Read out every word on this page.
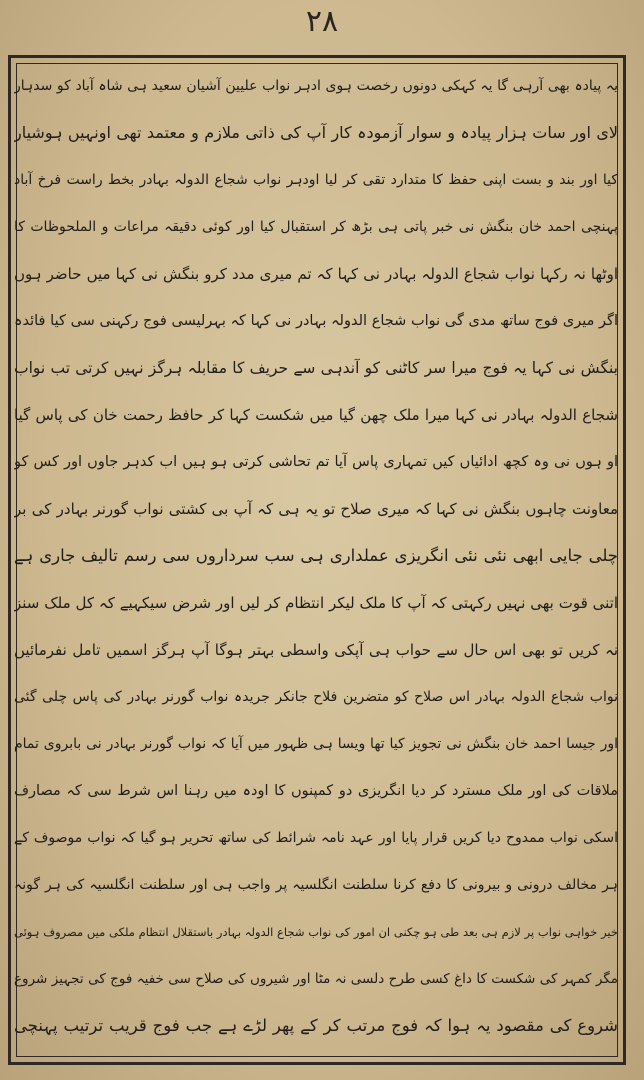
۲۸
یہ پیادہ بھی آرہی گا یہ کہکی دونوں رخصت ہوی ادہر نواب علیین آشیان سعید ہی شاہ آباد کو سدہار
لای اور سات ہزار پیادہ و سوار آزمودہ کار آپ کی ذاتی ملازم و معتمد تھی اونہیں ہوشیار
کیا اور بند و بست اپنی حفظ کا متدارد تقی کر لیا اودہر نواب شجاع الدولہ بہادر بخط راست فرخ آباد
پہنچی احمد خان بنگش نی خبر پاتی ہی بڑھ کر استقبال کیا اور کوئی دقیقہ مراعات و الملحوظات کا
اوٹھا نہ رکہا نواب شجاع الدولہ بہادر نی کہا کہ تم میری مدد کرو بنگش نی کہا میں حاضر ہوں
اگر میری فوج ساتھ مدی گی نواب شجاع الدولہ بہادر نی کہا کہ بہرلیسی فوج رکہنی سی کیا فائدہ
بنگش نی کہا یہ فوج میرا سر کاٹنی کو آندہی سے حریف کا مقابلہ ہرگز نہیں کرتی تب نواب
شجاع الدولہ بہادر نی کہا میرا ملک چھن گیا میں شکست کہا کر حافظ رحمت خان کی پاس گیا
او ہوں نی وہ کچھ ادائیاں کیں تمہاری پاس آیا تم تحاشی کرتی ہو ہیں اب کدہر جاوں اور کس کو
معاونت چاہوں بنگش نی کہا کہ میری صلاح تو یہ ہی کہ آپ بی کشتی نواب گورنر بہادر کی بر
چلی جایی ابھی نئی نئی انگریزی عملداری ہی سب سرداروں سی رسم تالیف جاری ہے
اتنی قوت بھی نہیں رکہتی کہ آپ کا ملک لیکر انتظام کر لیں اور شرض سیکہیے کہ کل ملک سنز
نہ کریں تو بھی اس حال سے حواب ہی آپکی واسطی بہتر ہوگا آپ ہرگز اسمیں تامل نفرمائیں
نواب شجاع الدولہ بہادر اس صلاح کو متضرین فلاح جانکر جریدہ نواب گورنر بہادر کی پاس چلی گئی
اور جیسا احمد خان بنگش نی تجویز کیا تھا ویسا ہی ظہور میں آیا کہ نواب گورنر بہادر نی بابروی تمام
ملاقات کی اور ملک مسترد کر دیا انگریزی دو کمپنوں کا اودہ میں رہنا اس شرط سی کہ مصارف
اسکی نواب ممدوح دیا کریں قرار پایا اور عہد نامہ شرائط کی ساتھ تحریر ہو گیا کہ نواب موصوف کے
ہر مخالف درونی و بیرونی کا دفع کرنا سلطنت انگلسیہ پر واجب ہی اور سلطنت انگلسیہ کی ہر گونہ
خیر خواہی نواب پر لازم ہی بعد طی ہو چکنی ان امور کی نواب شجاع الدولہ بہادر باستقلال انتظام ملکی میں مصروف ہوئی
مگر کمہر کی شکست کا داغ کسی طرح دلسی نہ مٹا اور شیروں کی صلاح سی خفیہ فوج کی تجہیز شروع
شروع کی مقصود یہ ہوا کہ فوج مرتب کر کے پھر لڑے ہے جب فوج قریب ترتیب پہنچی
